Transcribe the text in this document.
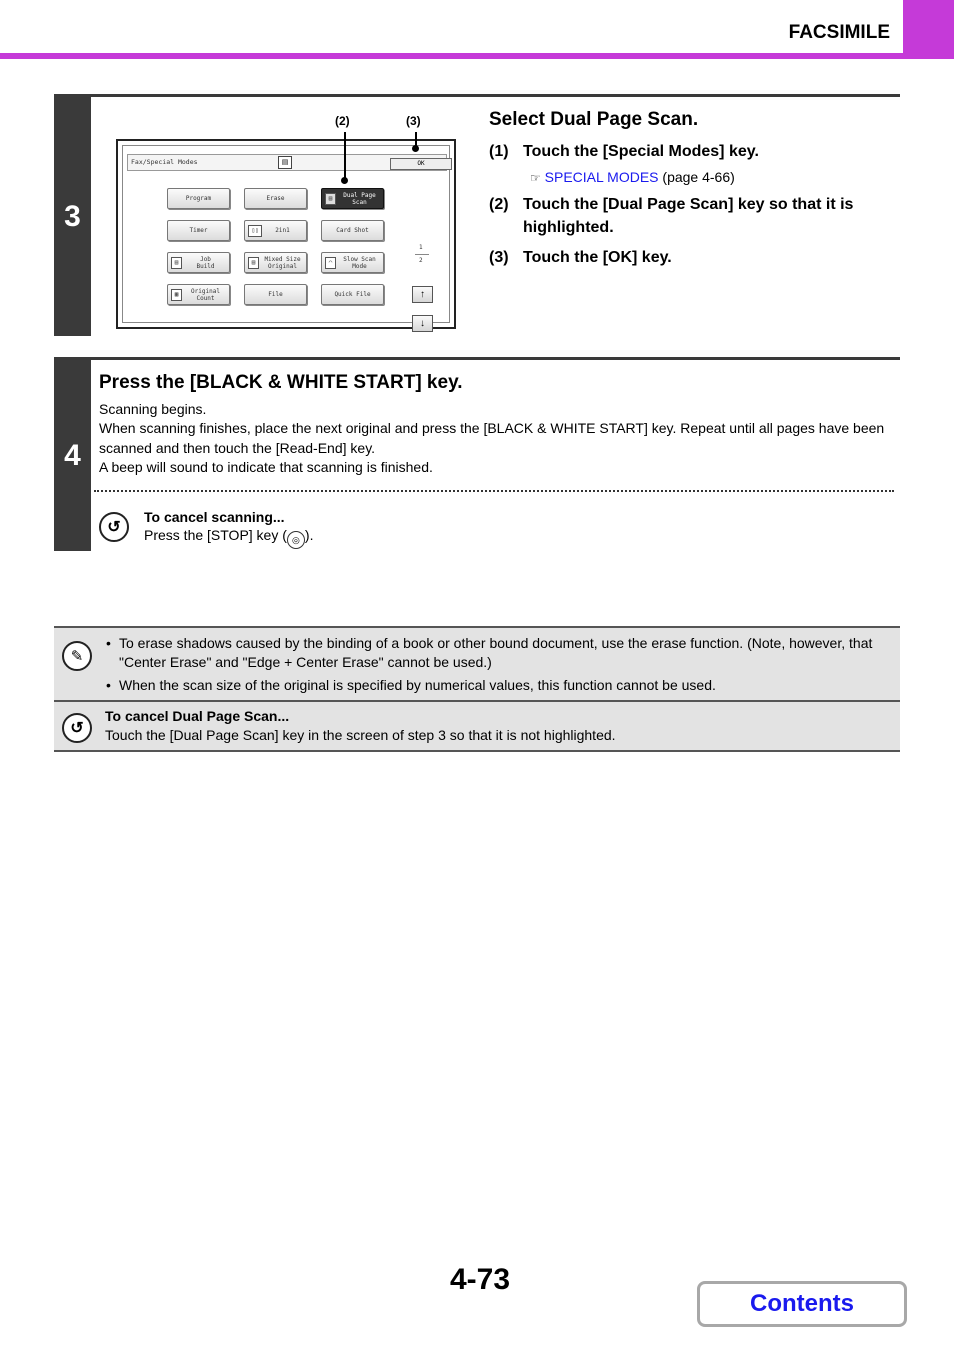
FACSIMILE
3
(2)	(3)
Fax/Special Modes	▤	OK
Program	Erase	▤	Dual Page
Scan
Timer	▯▯	2in1	Card Shot
▤	Job
Build	▤	Mixed Size
Original	◠	Slow Scan
Mode
▦	Original
Count	File	Quick File
1
2
↑
↓
Select Dual Page Scan.
(1) Touch the [Special Modes] key.
☞ SPECIAL MODES (page 4-66)
(2) Touch the [Dual Page Scan] key so that it is highlighted.
(3) Touch the [OK] key.
4
Press the [BLACK & WHITE START] key.
Scanning begins.
When scanning finishes, place the next original and press the [BLACK & WHITE START] key. Repeat until all pages have been scanned and then touch the [Read-End] key.
A beep will sound to indicate that scanning is finished.
↺
To cancel scanning...
Press the [STOP] key ( ◎ ).
✎
• To erase shadows caused by the binding of a book or other bound document, use the erase function. (Note, however, that "Center Erase" and "Edge + Center Erase" cannot be used.)
• When the scan size of the original is specified by numerical values, this function cannot be used.
↺
To cancel Dual Page Scan...
Touch the [Dual Page Scan] key in the screen of step 3 so that it is not highlighted.
4-73
Contents
